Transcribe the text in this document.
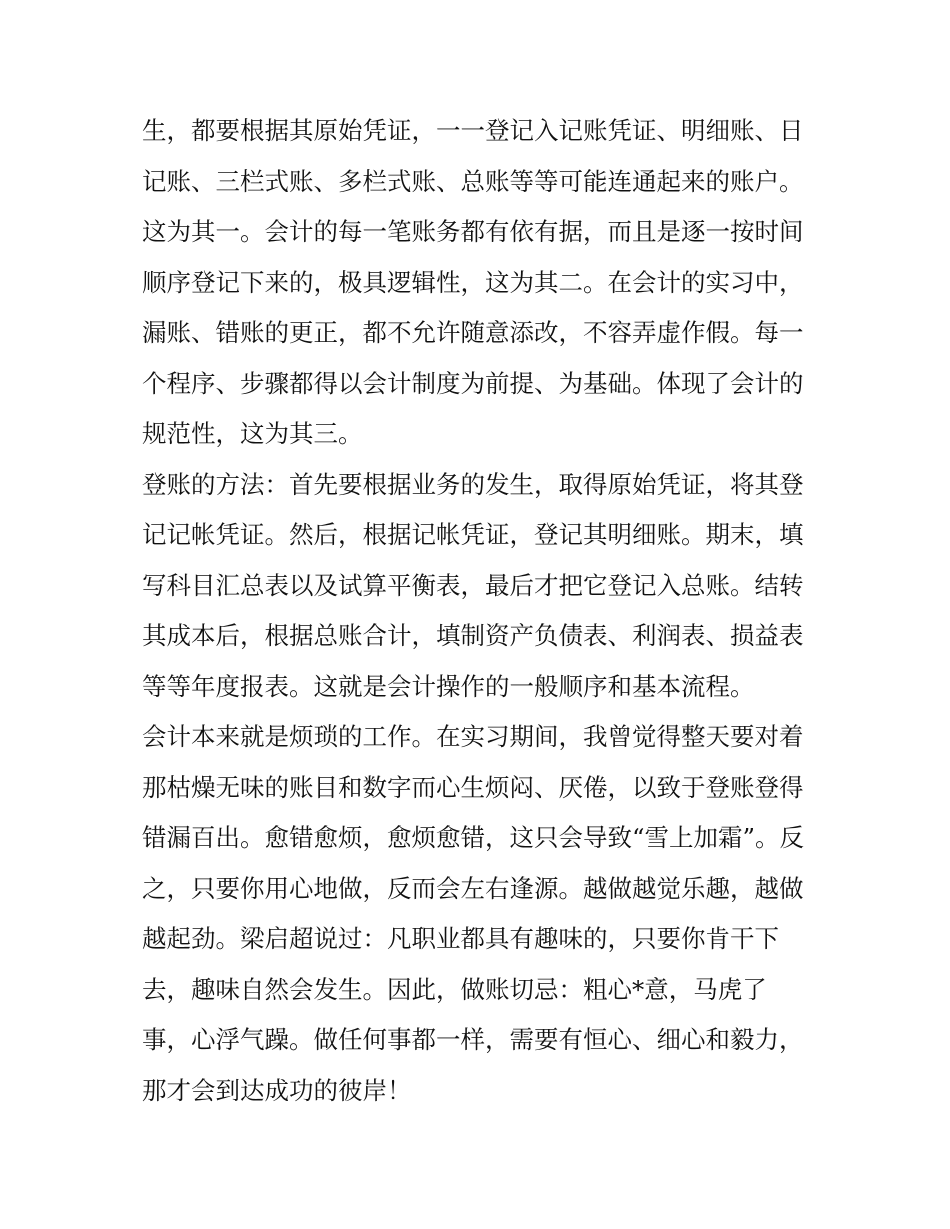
生，都要根据其原始凭证，一一登记入记账凭证、明细账、日
记账、三栏式账、多栏式账、总账等等可能连通起来的账户。
这为其一。会计的每一笔账务都有依有据，而且是逐一按时间
顺序登记下来的，极具逻辑性，这为其二。在会计的实习中，
漏账、错账的更正，都不允许随意添改，不容弄虚作假。每一
个程序、步骤都得以会计制度为前提、为基础。体现了会计的
规范性，这为其三。
登账的方法：首先要根据业务的发生，取得原始凭证，将其登
记记帐凭证。然后，根据记帐凭证，登记其明细账。期末，填
写科目汇总表以及试算平衡表，最后才把它登记入总账。结转
其成本后，根据总账合计，填制资产负债表、利润表、损益表
等等年度报表。这就是会计操作的一般顺序和基本流程。
会计本来就是烦琐的工作。在实习期间，我曾觉得整天要对着
那枯燥无味的账目和数字而心生烦闷、厌倦，以致于登账登得
错漏百出。愈错愈烦，愈烦愈错，这只会导致“雪上加霜”。反
之，只要你用心地做，反而会左右逢源。越做越觉乐趣，越做
越起劲。梁启超说过：凡职业都具有趣味的，只要你肯干下
去，趣味自然会发生。因此，做账切忌：粗心*意，马虎了
事，心浮气躁。做任何事都一样，需要有恒心、细心和毅力，
那才会到达成功的彼岸！
